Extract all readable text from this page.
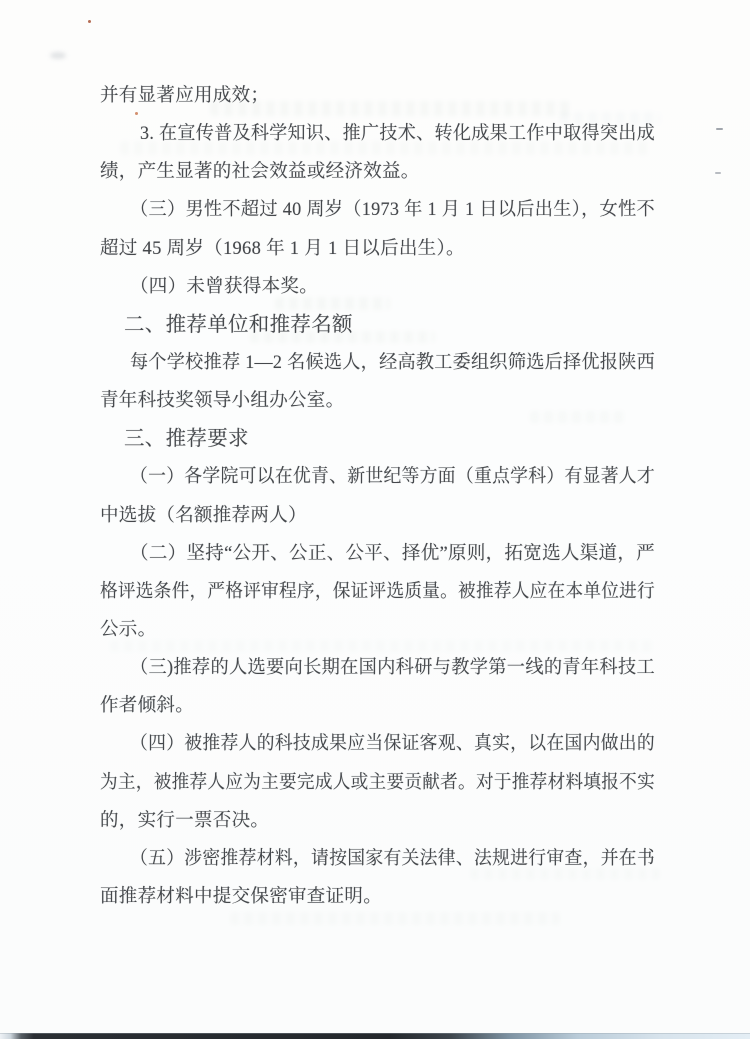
并有显著应用成效；
3. 在宣传普及科学知识、推广技术、转化成果工作中取得突出成
绩，产生显著的社会效益或经济效益。
（三）男性不超过 40 周岁（1973 年 1 月 1 日以后出生），女性不
超过 45 周岁（1968 年 1 月 1 日以后出生）。
（四）未曾获得本奖。
二、推荐单位和推荐名额
每个学校推荐 1—2 名候选人，经高教工委组织筛选后择优报陕西
青年科技奖领导小组办公室。
三、推荐要求
（一）各学院可以在优青、新世纪等方面（重点学科）有显著人才
中选拔（名额推荐两人）
（二）坚持“公开、公正、公平、择优”原则，拓宽选人渠道，严
格评选条件，严格评审程序，保证评选质量。被推荐人应在本单位进行
公示。
（三)推荐的人选要向长期在国内科研与教学第一线的青年科技工
作者倾斜。
（四）被推荐人的科技成果应当保证客观、真实，以在国内做出的
为主，被推荐人应为主要完成人或主要贡献者。对于推荐材料填报不实
的，实行一票否决。
（五）涉密推荐材料，请按国家有关法律、法规进行审查，并在书
面推荐材料中提交保密审查证明。
